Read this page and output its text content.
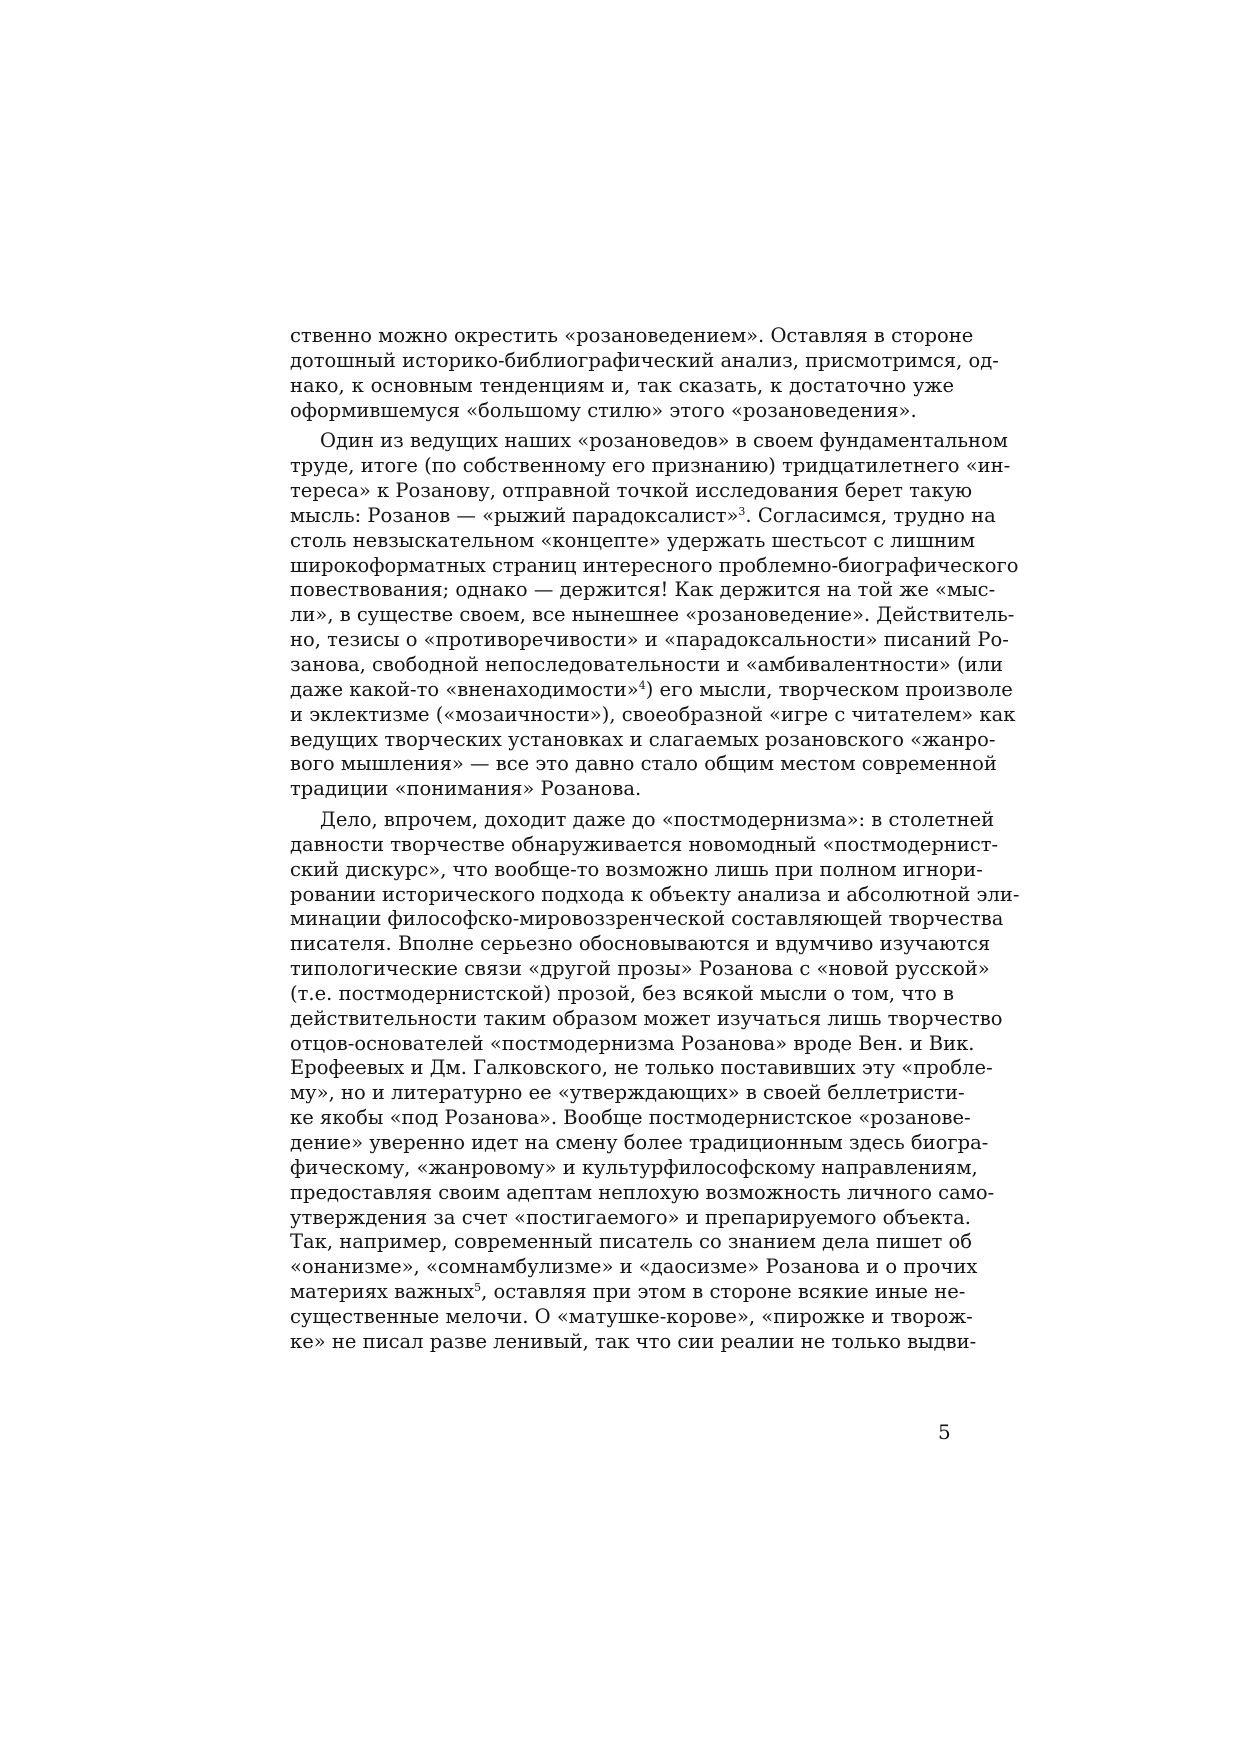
ственно можно окрестить «розановедением». Оставляя в стороне
дотошный историко-библиографический анализ, присмотримся, од-
нако, к основным тенденциям и, так сказать, к достаточно уже
оформившемуся «большому стилю» этого «розановедения».
Один из ведущих наших «розановедов» в своем фундаментальном
труде, итоге (по собственному его признанию) тридцатилетнего «ин-
тереса» к Розанову, отправной точкой исследования берет такую
мысль: Розанов — «рыжий парадоксалист»$^3$. Согласимся, трудно на
столь невзыскательном «концепте» удержать шестьсот с лишним
широкоформатных страниц интересного проблемно-биографического
повествования; однако — держится! Как держится на той же «мыс-
ли», в существе своем, все нынешнее «розановедение». Действитель-
но, тезисы о «противоречивости» и «парадоксальности» писаний Ро-
занова, свободной непоследовательности и «амбивалентности» (или
даже какой-то «вненаходимости»$^4$) его мысли, творческом произволе
и эклектизме («мозаичности»), своеобразной «игре с читателем» как
ведущих творческих установках и слагаемых розановского «жанро-
вого мышления» — все это давно стало общим местом современной
традиции «понимания» Розанова.
Дело, впрочем, доходит даже до «постмодернизма»: в столетней
давности творчестве обнаруживается новомодный «постмодернист-
ский дискурс», что вообще-то возможно лишь при полном игнори-
ровании исторического подхода к объекту анализа и абсолютной эли-
минации философско-мировоззренческой составляющей творчества
писателя. Вполне серьезно обосновываются и вдумчиво изучаются
типологические связи «другой прозы» Розанова с «новой русской»
(т.е. постмодернистской) прозой, без всякой мысли о том, что в
действительности таким образом может изучаться лишь творчество
отцов-основателей «постмодернизма Розанова» вроде Вен. и Вик.
Ерофеевых и Дм. Галковского, не только поставивших эту «пробле-
му», но и литературно ее «утверждающих» в своей беллетристи-
ке якобы «под Розанова». Вообще постмодернистское «розанове-
дение» уверенно идет на смену более традиционным здесь биогра-
фическому, «жанровому» и культурфилософскому направлениям,
предоставляя своим адептам неплохую возможность личного само-
утверждения за счет «постигаемого» и препарируемого объекта.
Так, например, современный писатель со знанием дела пишет об
«онанизме», «сомнамбулизме» и «даосизме» Розанова и о прочих
материях важных$^5$, оставляя при этом в стороне всякие иные не-
существенные мелочи. О «матушке-корове», «пирожке и творож-
ке» не писал разве ленивый, так что сии реалии не только выдви-
5
